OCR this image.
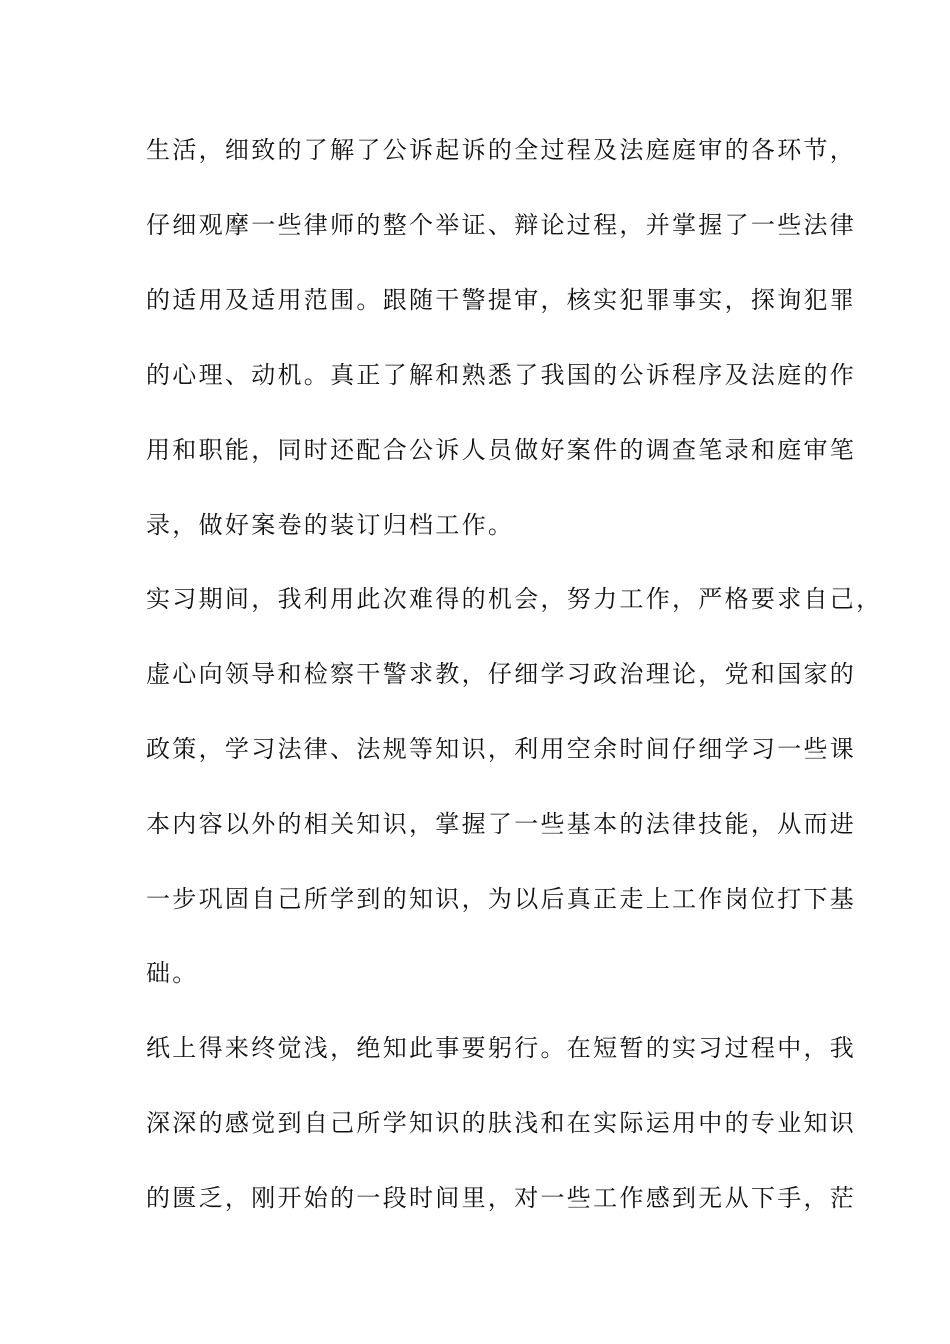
生活，细致的了解了公诉起诉的全过程及法庭庭审的各环节，
仔细观摩一些律师的整个举证、辩论过程，并掌握了一些法律
的适用及适用范围。跟随干警提审，核实犯罪事实，探询犯罪
的心理、动机。真正了解和熟悉了我国的公诉程序及法庭的作
用和职能，同时还配合公诉人员做好案件的调查笔录和庭审笔
录，做好案卷的装订归档工作。
实习期间，我利用此次难得的机会，努力工作，严格要求自己，
虚心向领导和检察干警求教，仔细学习政治理论，党和国家的
政策，学习法律、法规等知识，利用空余时间仔细学习一些课
本内容以外的相关知识，掌握了一些基本的法律技能，从而进
一步巩固自己所学到的知识，为以后真正走上工作岗位打下基
础。
纸上得来终觉浅，绝知此事要躬行。在短暂的实习过程中，我
深深的感觉到自己所学知识的肤浅和在实际运用中的专业知识
的匮乏，刚开始的一段时间里，对一些工作感到无从下手，茫
